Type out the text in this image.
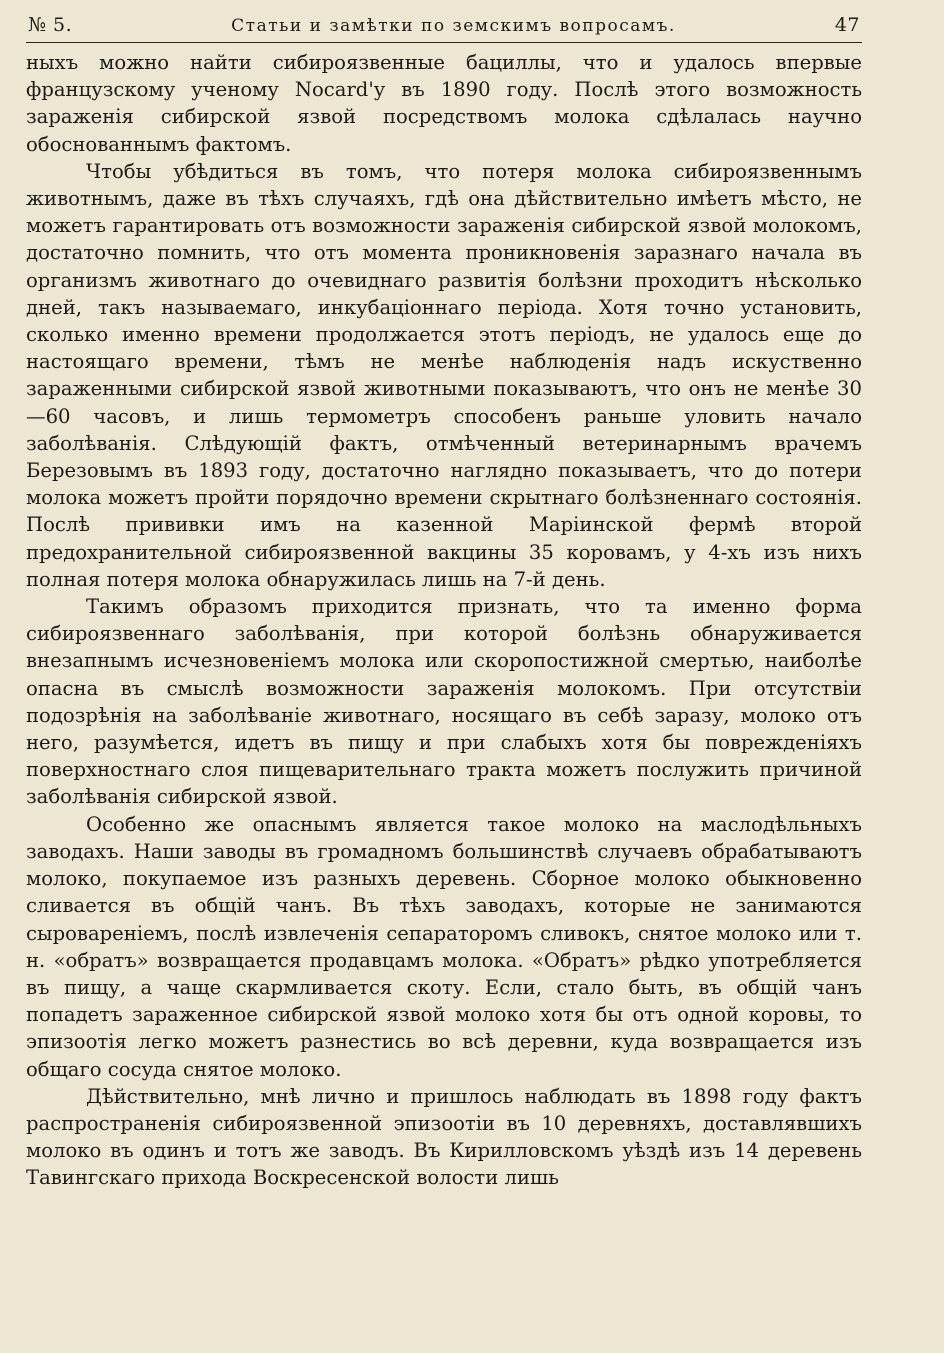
№ 5.	Статьи и замѣтки по земскимъ вопросамъ.	47

ныхъ можно найти сибироязвенные бациллы, что и удалось впервые французскому ученому Nocard'у въ 1890 году. Послѣ этого возможность зараженія сибирской язвой посредствомъ молока сдѣлалась научно обоснованнымъ фактомъ.

Чтобы убѣдиться въ томъ, что потеря молока сибироязвеннымъ животнымъ, даже въ тѣхъ случаяхъ, гдѣ она дѣйствительно имѣетъ мѣсто, не можетъ гарантировать отъ возможности зараженія сибирской язвой молокомъ, достаточно помнить, что отъ момента проникновенія заразнаго начала въ организмъ животнаго до очевиднаго развитія болѣзни проходитъ нѣсколько дней, такъ называемаго, инкубаціоннаго періода. Хотя точно установить, сколько именно времени продолжается этотъ періодъ, не удалось еще до настоящаго времени, тѣмъ не менѣе наблюденія надъ искуственно зараженными сибирской язвой животными показываютъ, что онъ не менѣе 30—60 часовъ, и лишь термометръ способенъ раньше уловить начало заболѣванія. Слѣдующій фактъ, отмѣченный ветеринарнымъ врачемъ Березовымъ въ 1893 году, достаточно наглядно показываетъ, что до потери молока можетъ пройти порядочно времени скрытнаго болѣзненнаго состоянія. Послѣ прививки имъ на казенной Маріинской фермѣ второй предохранительной сибироязвенной вакцины 35 коровамъ, у 4-хъ изъ нихъ полная потеря молока обнаружилась лишь на 7-й день.

Такимъ образомъ приходится признать, что та именно форма сибироязвеннаго заболѣванія, при которой болѣзнь обнаруживается внезапнымъ исчезновеніемъ молока или скоропостижной смертью, наиболѣе опасна въ смыслѣ возможности зараженія молокомъ. При отсутствіи подозрѣнія на заболѣваніе животнаго, носящаго въ себѣ заразу, молоко отъ него, разумѣется, идетъ въ пищу и при слабыхъ хотя бы поврежденіяхъ поверхностнаго слоя пищеварительнаго тракта можетъ послужить причиной заболѣванія сибирской язвой.

Особенно же опаснымъ является такое молоко на маслодѣльныхъ заводахъ. Наши заводы въ громадномъ большинствѣ случаевъ обрабатываютъ молоко, покупаемое изъ разныхъ деревень. Сборное молоко обыкновенно сливается въ общій чанъ. Въ тѣхъ заводахъ, которые не занимаются сыровареніемъ, послѣ извлеченія сепараторомъ сливокъ, снятое молоко или т. н. «обратъ» возвращается продавцамъ молока. «Обратъ» рѣдко употребляется въ пищу, а чаще скармливается скоту. Если, стало быть, въ общій чанъ попадетъ зараженное сибирской язвой молоко хотя бы отъ одной коровы, то эпизоотія легко можетъ разнестись во всѣ деревни, куда возвращается изъ общаго сосуда снятое молоко.

Дѣйствительно, мнѣ лично и пришлось наблюдать въ 1898 году фактъ распространенія сибироязвенной эпизоотіи въ 10 деревняхъ, доставлявшихъ молоко въ одинъ и тотъ же заводъ. Въ Кирилловскомъ уѣздѣ изъ 14 деревень Тавингскаго прихода Воскресенской волости лишь
